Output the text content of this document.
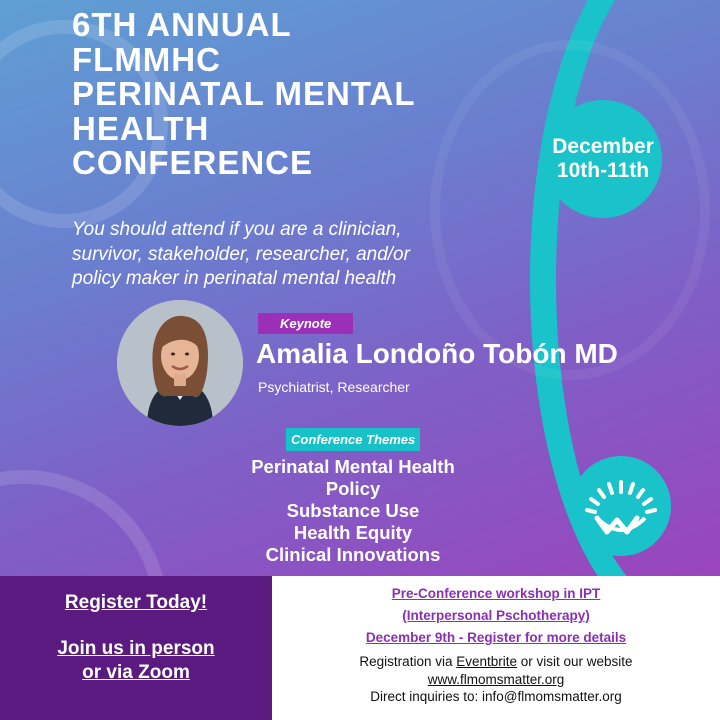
6TH ANNUAL
FLMMHC
PERINATAL MENTAL
HEALTH
CONFERENCE
You should attend if you are a clinician,
survivor, stakeholder, researcher, and/or
policy maker in perinatal mental health
December
10th-11th
Keynote
Amalia Londoño Tobón MD
Psychiatrist, Researcher
Conference Themes
Perinatal Mental Health
Policy
Substance Use
Health Equity
Clinical Innovations
Register Today!
Join us in person
or via Zoom
Pre-Conference workshop in IPT
(Interpersonal Pschotherapy)
December 9th - Register for more details
Registration via Eventbrite or visit our website
www.flmomsmatter.org
Direct inquiries to: info@flmomsmatter.org
